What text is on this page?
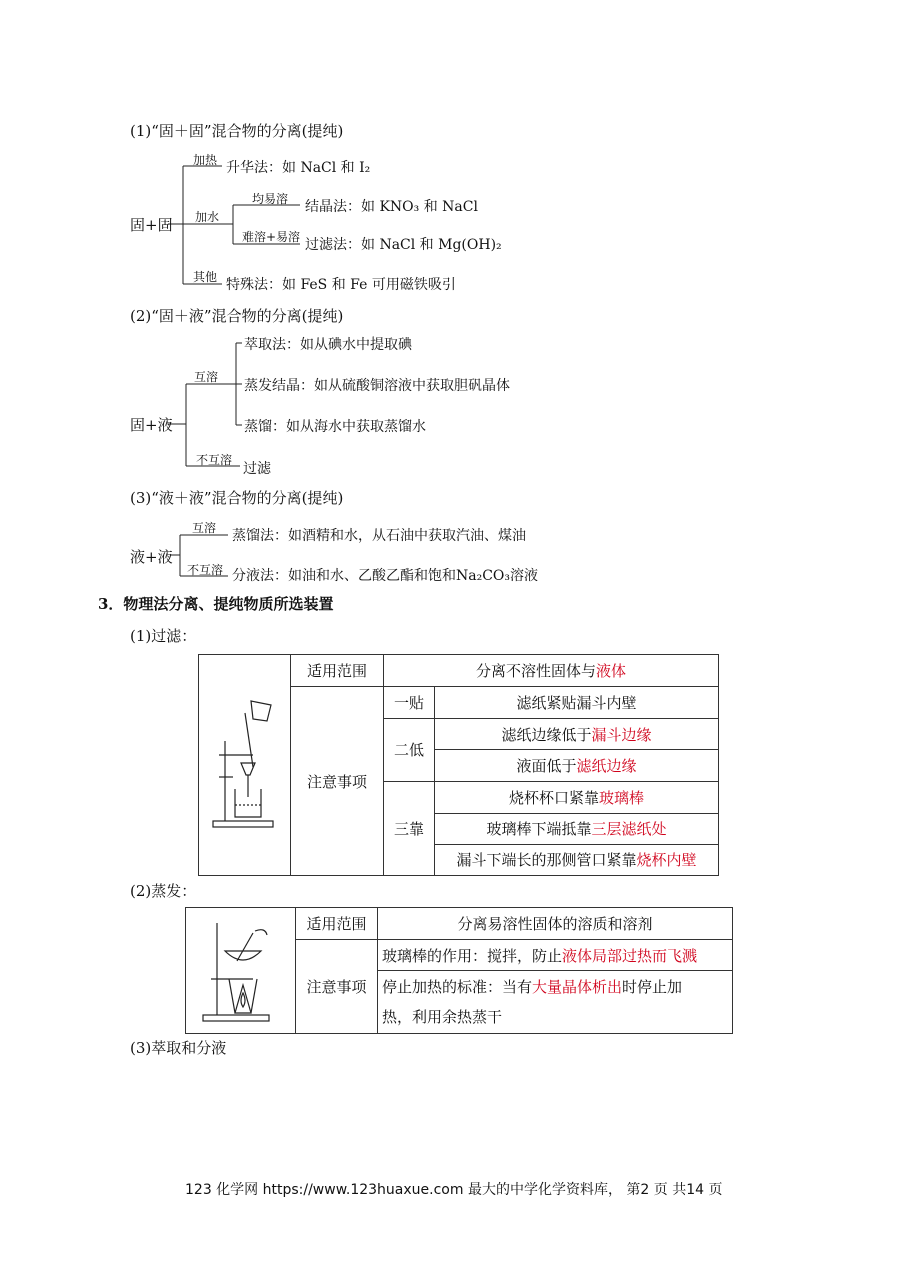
(1)“固＋固”混合物的分离(提纯)
固+固
加热 升华法：如 NaCl 和 I₂
加水
均易溶 结晶法：如 KNO₃ 和 NaCl
难溶+易溶 过滤法：如 NaCl 和 Mg(OH)₂
其他 特殊法：如 FeS 和 Fe 可用磁铁吸引
(2)“固＋液”混合物的分离(提纯)
固+液
互溶
萃取法：如从碘水中提取碘
蒸发结晶：如从硫酸铜溶液中获取胆矾晶体
蒸馏：如从海水中获取蒸馏水
不互溶
过滤
(3)“液＋液”混合物的分离(提纯)
液+液
互溶 蒸馏法：如酒精和水，从石油中获取汽油、煤油
不互溶 分液法：如油和水、乙酸乙酯和饱和Na₂CO₃溶液
3．物理法分离、提纯物质所选装置
(1)过滤：
	适用范围	分离不溶性固体与液体	
	注意事项	一贴	滤纸紧贴漏斗内壁
		二低	滤纸边缘低于漏斗边缘
			液面低于滤纸边缘
		三靠	烧杯杯口紧靠玻璃棒
			玻璃棒下端抵靠三层滤纸处
			漏斗下端长的那侧管口紧靠烧杯内壁
(2)蒸发：
	适用范围	分离易溶性固体的溶质和溶剂
	注意事项	玻璃棒的作用：搅拌，防止液体局部过热而飞溅
		停止加热的标准：当有大量晶体析出时停止加
热，利用余热蒸干
(3)萃取和分液
123 化学网 https://www.123huaxue.com 最大的中学化学资料库， 第2 页 共14 页
